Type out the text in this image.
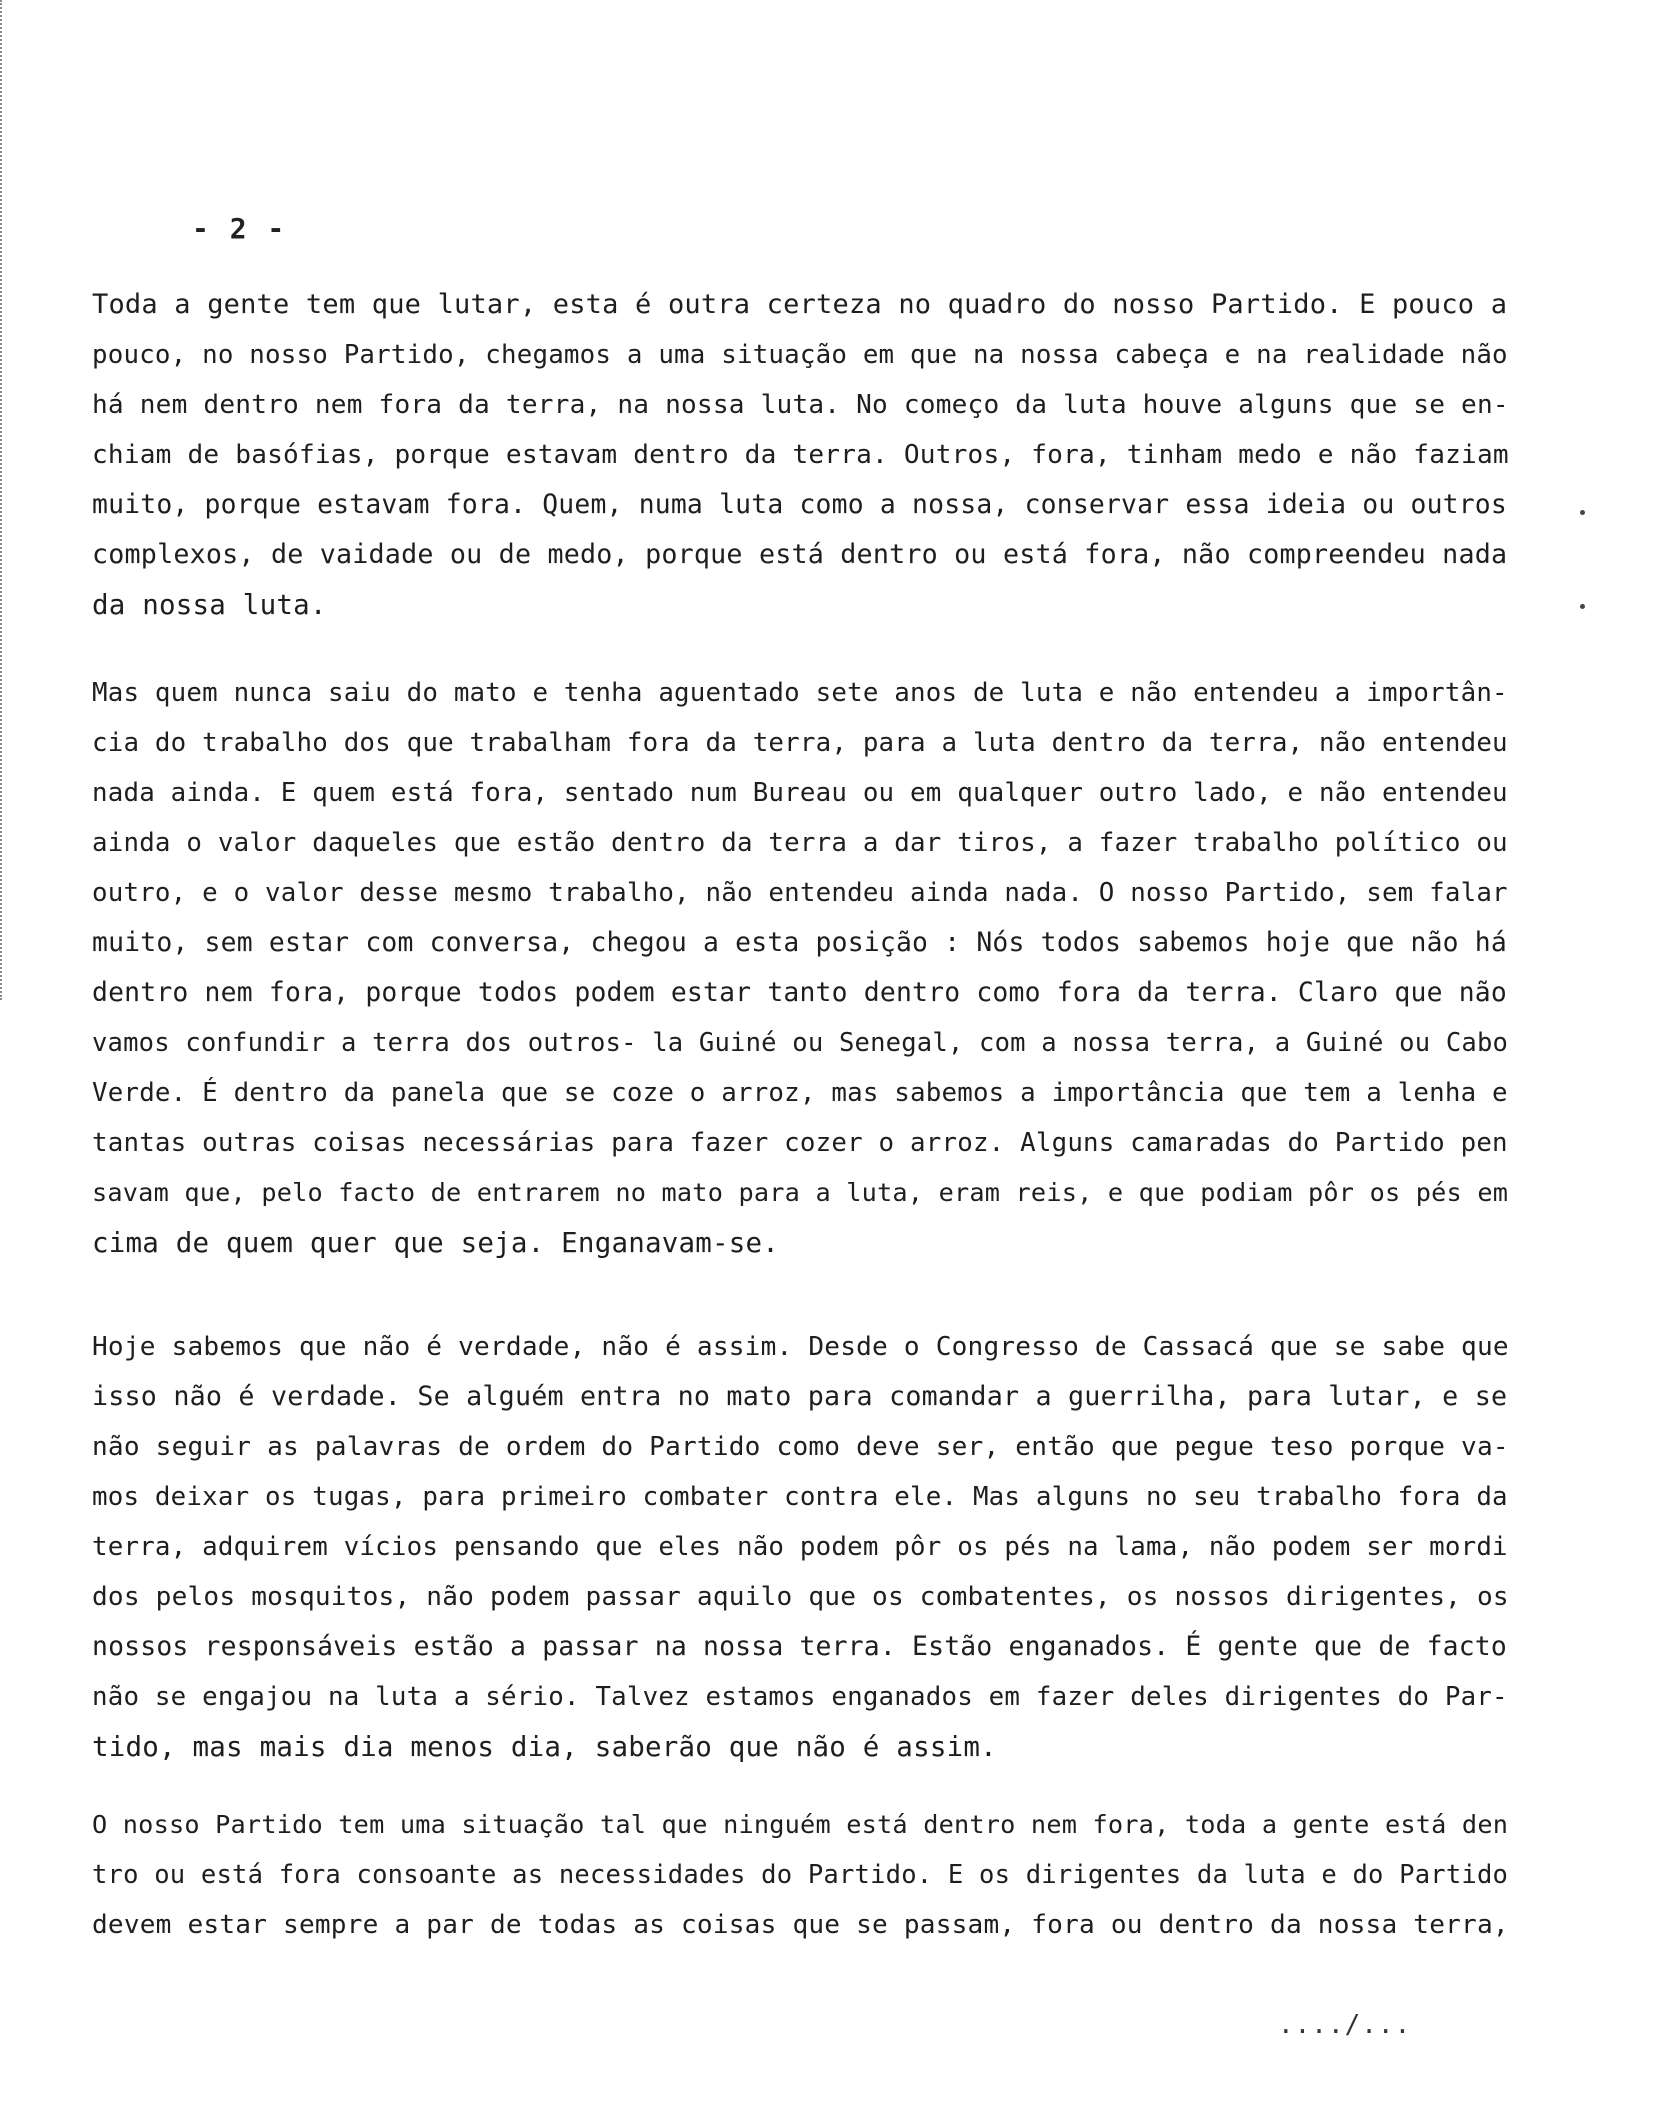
- 2 -
Toda a gente tem que lutar, esta é outra certeza no quadro do nosso Partido. E pouco a
pouco, no nosso Partido, chegamos a uma situação em que na nossa cabeça e na realidade não
há nem dentro nem fora da terra, na nossa luta. No começo da luta houve alguns que se en-
chiam de basófias, porque estavam dentro da terra. Outros, fora, tinham medo e não faziam
muito, porque estavam fora. Quem, numa luta como a nossa, conservar essa ideia ou outros
complexos, de vaidade ou de medo, porque está dentro ou está fora, não compreendeu nada
da nossa luta.
Mas quem nunca saiu do mato e tenha aguentado sete anos de luta e não entendeu a importân-
cia do trabalho dos que trabalham fora da terra, para a luta dentro da terra, não entendeu
nada ainda. E quem está fora, sentado num Bureau ou em qualquer outro lado, e não entendeu
ainda o valor daqueles que estão dentro da terra a dar tiros, a fazer trabalho político ou
outro, e o valor desse mesmo trabalho, não entendeu ainda nada. O nosso Partido, sem falar
muito, sem estar com conversa, chegou a esta posição : Nós todos sabemos hoje que não há
dentro nem fora, porque todos podem estar tanto dentro como fora da terra. Claro que não
vamos confundir a terra dos outros- la Guiné ou Senegal, com a nossa terra, a Guiné ou Cabo
Verde. É dentro da panela que se coze o arroz, mas sabemos a importância que tem a lenha e
tantas outras coisas necessárias para fazer cozer o arroz. Alguns camaradas do Partido pen
savam que, pelo facto de entrarem no mato para a luta, eram reis, e que podiam pôr os pés em
cima de quem quer que seja. Enganavam-se.
Hoje sabemos que não é verdade, não é assim. Desde o Congresso de Cassacá que se sabe que
isso não é verdade. Se alguém entra no mato para comandar a guerrilha, para lutar, e se
não seguir as palavras de ordem do Partido como deve ser, então que pegue teso porque va-
mos deixar os tugas, para primeiro combater contra ele. Mas alguns no seu trabalho fora da
terra, adquirem vícios pensando que eles não podem pôr os pés na lama, não podem ser mordi
dos pelos mosquitos, não podem passar aquilo que os combatentes, os nossos dirigentes, os
nossos responsáveis estão a passar na nossa terra. Estão enganados. É gente que de facto
não se engajou na luta a sério. Talvez estamos enganados em fazer deles dirigentes do Par-
tido, mas mais dia menos dia, saberão que não é assim.
O nosso Partido tem uma situação tal que ninguém está dentro nem fora, toda a gente está den
tro ou está fora consoante as necessidades do Partido. E os dirigentes da luta e do Partido
devem estar sempre a par de todas as coisas que se passam, fora ou dentro da nossa terra,
..../...
